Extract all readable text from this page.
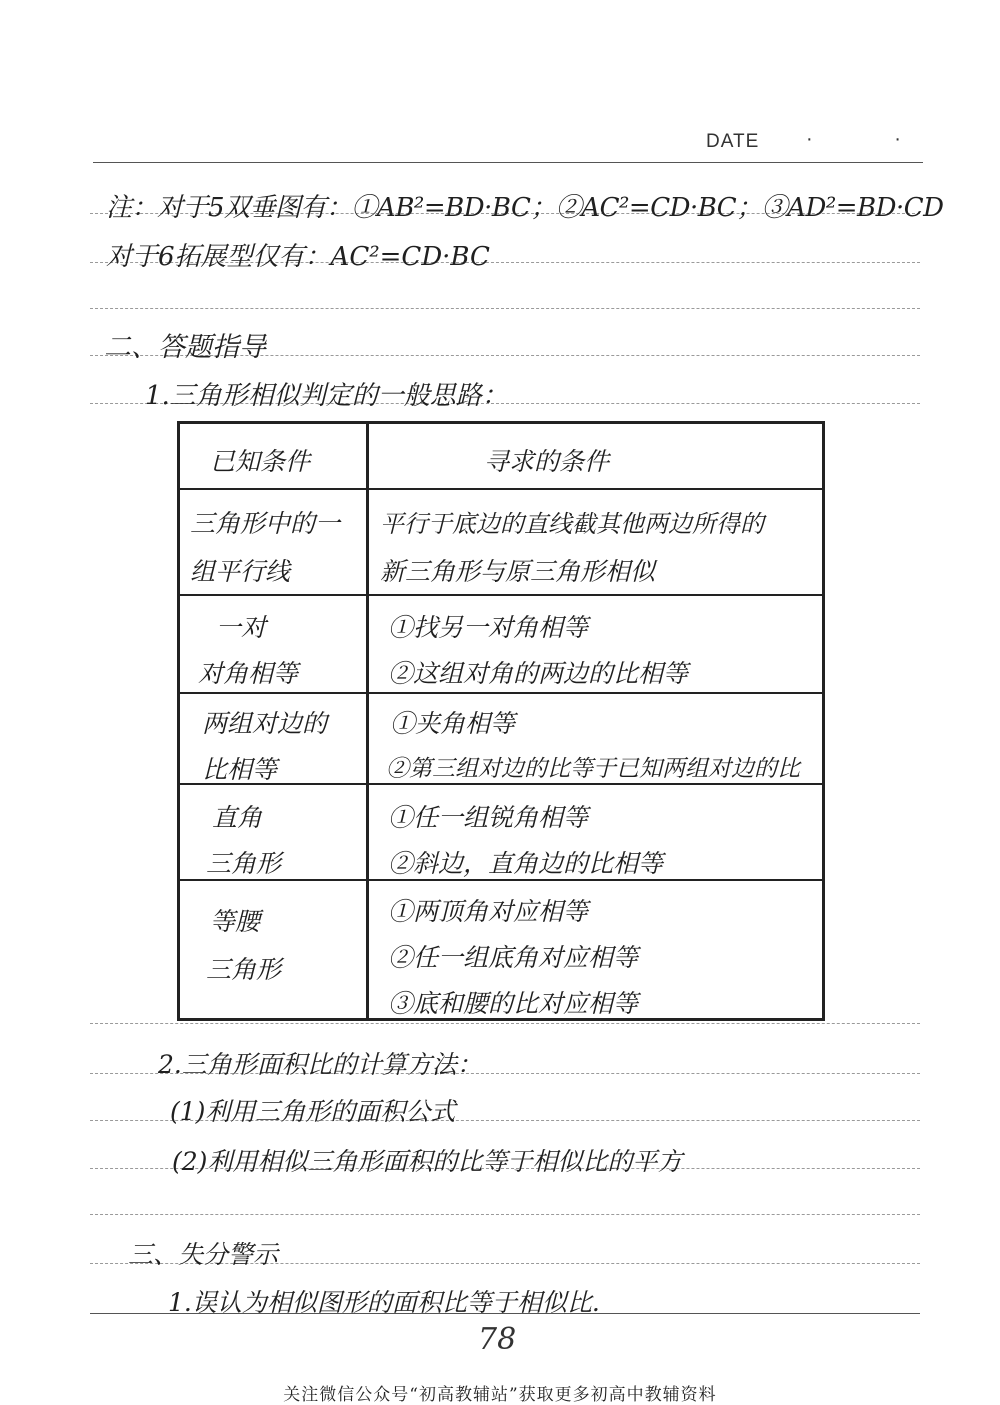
DATE · ·
注：对于5双垂图有：①AB²=BD·BC；②AC²=CD·BC；③AD²=BD·CD
对于6拓展型仅有：AC²=CD·BC
二、答题指导
1.三角形相似判定的一般思路：
已知条件	寻求的条件
三角形中的一
组平行线
平行于底边的直线截其他两边所得的
新三角形与原三角形相似
一对
对角相等
①找另一对角相等
②这组对角的两边的比相等
两组对边的
比相等
①夹角相等
②第三组对边的比等于已知两组对边的比
直角
三角形
①任一组锐角相等
②斜边，直角边的比相等
等腰
三角形
①两顶角对应相等
②任一组底角对应相等
③底和腰的比对应相等
2.三角形面积比的计算方法：
(1)利用三角形的面积公式
(2)利用相似三角形面积的比等于相似比的平方
三、失分警示
1.误认为相似图形的面积比等于相似比.
78
关注微信公众号“初高教辅站”获取更多初高中教辅资料
